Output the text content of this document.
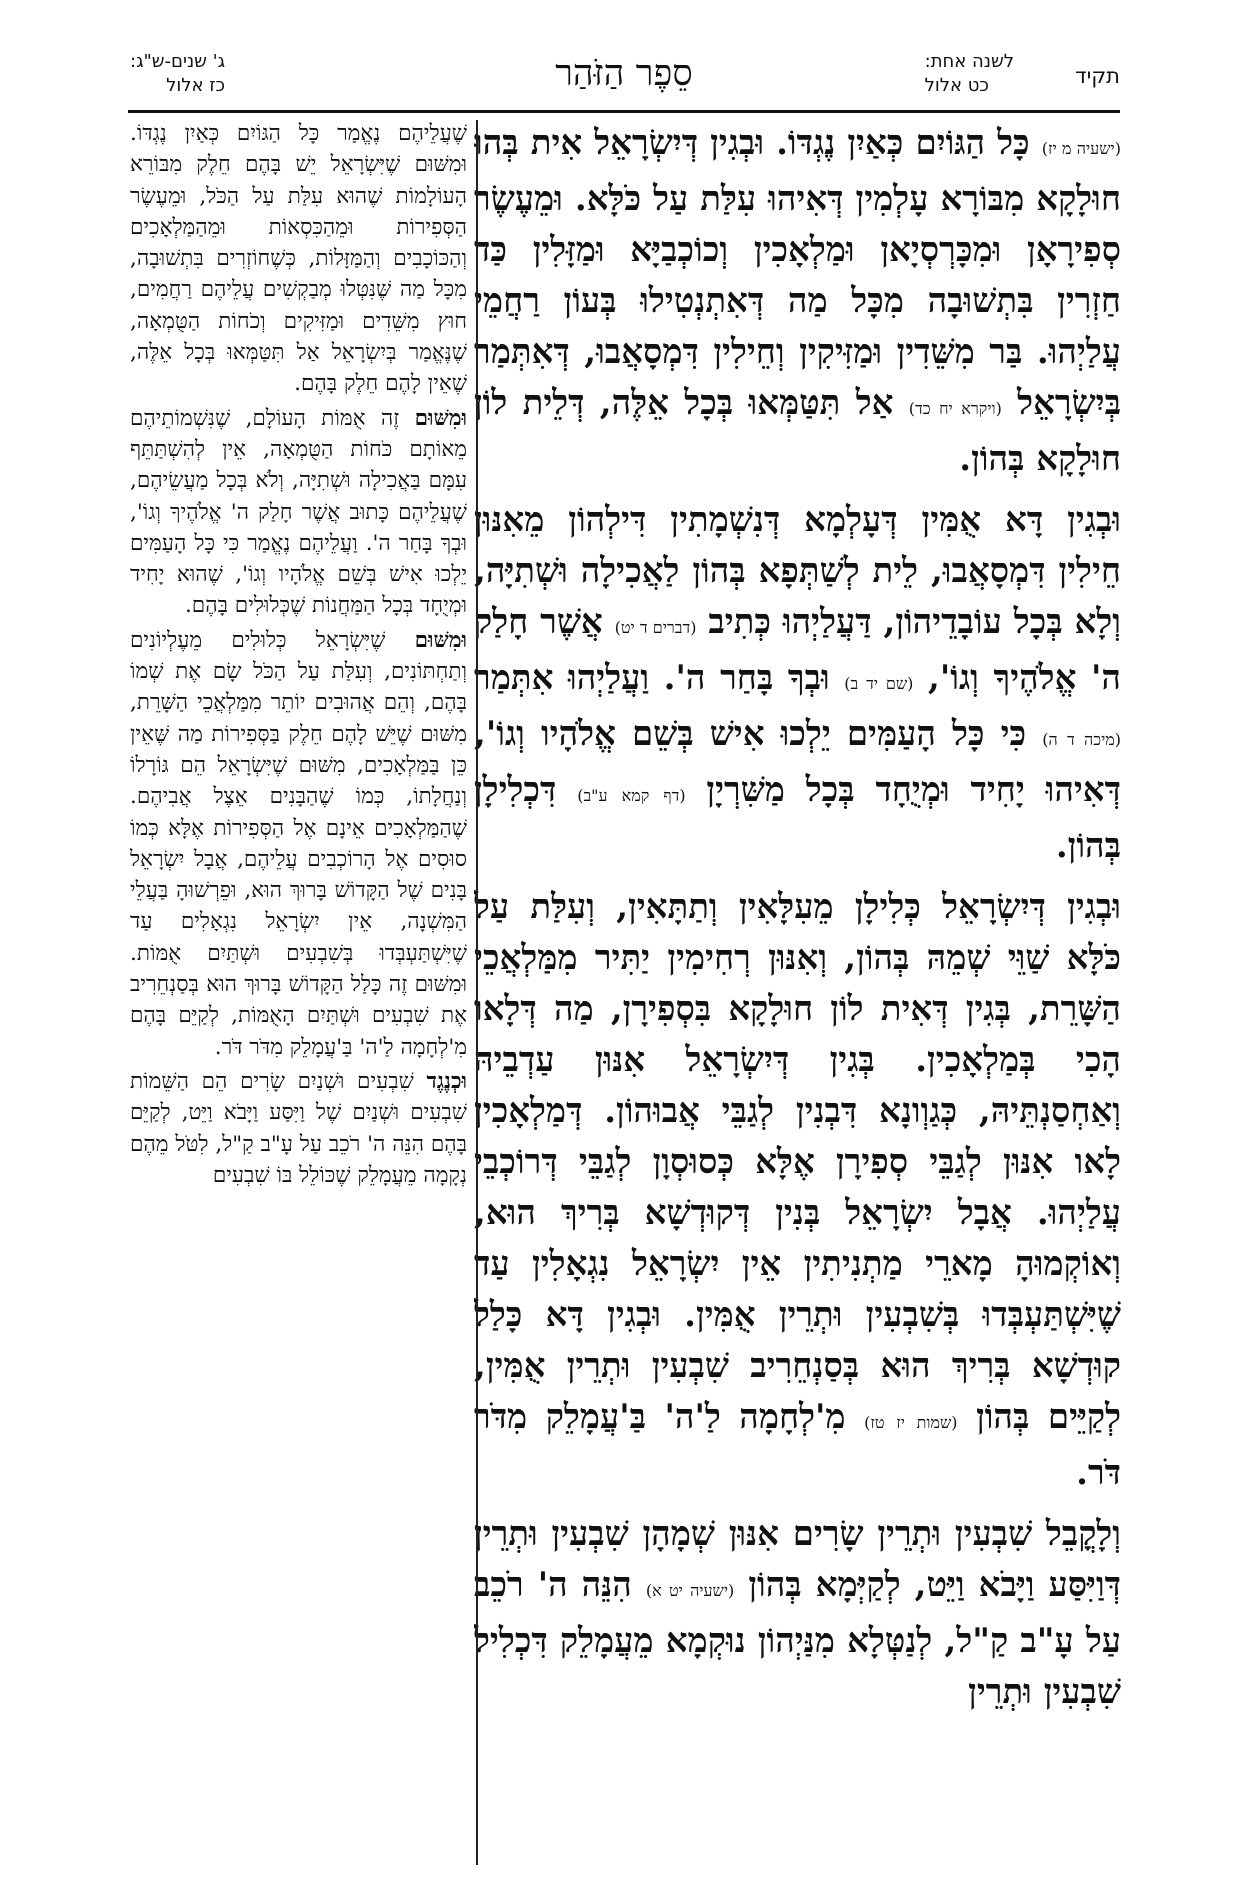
תקיד
לשנה אחת:
כט אלול
סֵפֶר הַזֹּהַר
ג' שנים-ש"ג:
כז אלול

(ישעיה מ יז) כָּל הַגּוֹיִם כְּאַיִן נֶגְדּוֹ. וּבְגִין דְּיִשְׂרָאֵל אִית בְּהוּ חוּלָקָא מִבּוֹרָא עָלְמִין דְּאִיהוּ עִלַּת עַל כֹּלָּא. וּמֵעֶשֶׂר סְפִירָאָן וּמִכָּרְסְיָאן וּמַלְאָכִין וְכוֹכְבַיָּא וּמַזָּלִין כַּד חַזְרִין בִּתְשׁוּבָה מִכָּל מַה דְּאִתְנְטִילוּ בְּעוֹן רַחֲמֵי עֲלַיְהוּ. בַּר מִשֵּׁדִין וּמַזִּיקִין וְחֵילִין דִּמְסָאֲבוּ, דְּאִתְּמַר בְּיִשְׂרָאֵל (ויקרא יח כד) אַל תִּטַּמְּאוּ בְּכָל אֵלֶּה, דְּלֵית לוֹן חוּלָקָא בְּהוֹן.

וּבְגִין דָּא אֻמִּין דְּעָלְמָא דְּנִשְׁמָתִין דִּילְהוֹן מֵאִנּוּן חֵילִין דִּמְסָאֲבוּ, לֵית לְשַׁתְּפָא בְּהוֹן לַאֲכִילָה וּשְׁתִיָּה, וְלָא בְּכָל עוֹבָדֵיהוֹן, דַּעֲלַיְהוּ כְּתִיב (דברים ד יט) אֲשֶׁר חָלַק ה' אֱלֹהֶיךָ וְגוֹ', (שם יד ב) וּבְךָ בָּחַר ה'. וַעֲלַיְהוּ אִתְּמַר (מיכה ד ה) כִּי כָּל הָעַמִּים יֵלְכוּ אִישׁ בְּשֵׁם אֱלֹהָיו וְגוֹ', דְּאִיהוּ יָחִיד וּמְיֻחָד בְּכָל מַשִּׁרְיָן (דף קמא ע"ב) דִּכְלִילָן בְּהוֹן.

וּבְגִין דְּיִשְׂרָאֵל כְּלִילָן מֵעִלָּאִין וְתַתָּאִין, וְעִלַּת עַל כֹּלָּא שַׁוֵּי שְׁמֵהּ בְּהוֹן, וְאִנּוּן רְחִימִין יַתִּיר מִמַּלְאֲכֵי הַשָּׁרֵת, בְּגִין דְּאִית לוֹן חוּלָקָא בִּסְפִירָן, מַה דְּלָאו הָכִי בְּמַלְאָכִין. בְּגִין דְּיִשְׂרָאֵל אִנּוּן עַדְבֵיהּ וְאַחְסַנְתֵּיהּ, כְּגַוְונָא דִּבְנִין לְגַבֵּי אֲבוּהוֹן. דְּמַלְאָכִין לָאו אִנּוּן לְגַבֵּי סְפִירָן אֶלָּא כְּסוּסְוָן לְגַבֵּי דְּרוֹכְבֵי עֲלַיְהוּ. אֲבָל יִשְׂרָאֵל בְּנִין דְּקוּדְשָׁא בְּרִיךְ הוּא, וְאוֹקְמוּהָ מָארֵי מַתְנִיתִין אֵין יִשְׂרָאֵל נִגְאָלִין עַד שֶׁיִּשְׁתַּעְבְּדוּ בְּשִׁבְעִין וּתְרֵין אֻמִּין. וּבְגִין דָּא כָּלַל קוּדְשָׁא בְּרִיךְ הוּא בְּסַנְחֵרִיב שִׁבְעִין וּתְרֵין אֻמִּין, לְקַיֵּים בְּהוֹן (שמות יז טז) מִ'לְחָמָה לַ'ה' בַּ'עֲמָלֵק מִדֹּר דֹּר.

וְלָקֳבֵל שִׁבְעִין וּתְרֵין שָׂרִים אִנּוּן שְׁמָהָן שִׁבְעִין וּתְרֵין דְּוַיִּסַּע וַיָּבֹא וַיֵּט, לְקַיְּמָא בְּהוֹן (ישעיה יט א) הִנֵּה ה' רֹכֵב עַל עָ"ב קַ"ל, לְנַטְּלָא מִנַּיְהוֹן נוּקְמָא מֵעֲמָלֵק דִּכְלִיל שִׁבְעִין וּתְרֵין

שֶׁעֲלֵיהֶם נֶאֱמַר כָּל הַגּוֹיִם כְּאַיִן נֶגְדּוֹ. וּמִשּׁוּם שֶׁיִּשְׂרָאֵל יֵשׁ בָּהֶם חֵלֶק מִבּוֹרֵא הָעוֹלָמוֹת שֶׁהוּא עִלַּת עַל הַכֹּל, וּמֵעֶשֶׂר הַסְּפִירוֹת וּמֵהַכִּסְאוֹת וּמֵהַמַּלְאָכִים וְהַכּוֹכָבִים וְהַמַּזָּלוֹת, כְּשֶׁחוֹזְרִים בִּתְשׁוּבָה, מִכָּל מַה שֶּׁנִּטְּלוּ מְבַקְשִׁים עֲלֵיהֶם רַחֲמִים, חוּץ מִשֵּׁדִים וּמַזִּיקִים וְכֹחוֹת הַטֻּמְאָה, שֶׁנֶּאֱמַר בְּיִשְׂרָאֵל אַל תִּטַּמְּאוּ בְּכָל אֵלֶּה, שֶׁאֵין לָהֶם חֵלֶק בָּהֶם.

וּמִשּׁוּם זֶה אֻמּוֹת הָעוֹלָם, שֶׁנִּשְׁמוֹתֵיהֶם מֵאוֹתָם כֹּחוֹת הַטֻּמְאָה, אֵין לְהִשְׁתַּתֵּף עִמָּם בַּאֲכִילָה וּשְׁתִיָּה, וְלֹא בְּכָל מַעֲשֵׂיהֶם, שֶׁעֲלֵיהֶם כָּתוּב אֲשֶׁר חָלַק ה' אֱלֹהֶיךָ וְגוֹ', וּבְךָ בָּחַר ה'. וַעֲלֵיהֶם נֶאֱמַר כִּי כָּל הָעַמִּים יֵלְכוּ אִישׁ בְּשֵׁם אֱלֹהָיו וְגוֹ', שֶׁהוּא יָחִיד וּמְיֻחָד בְּכָל הַמַּחֲנוֹת שֶׁכְּלוּלִים בָּהֶם.

וּמִשּׁוּם שֶׁיִּשְׂרָאֵל כְּלוּלִים מֵעֶלְיוֹנִים וְתַחְתּוֹנִים, וְעִלַּת עַל הַכֹּל שָׂם אֶת שְׁמוֹ בָּהֶם, וְהֵם אֲהוּבִים יוֹתֵר מִמַּלְאֲכֵי הַשָּׁרֵת, מִשּׁוּם שֶׁיֵּשׁ לָהֶם חֵלֶק בַּסְּפִירוֹת מַה שֶּׁאֵין כֵּן בַּמַּלְאָכִים, מִשּׁוּם שֶׁיִּשְׂרָאֵל הֵם גּוֹרָלוֹ וְנַחֲלָתוֹ, כְּמוֹ שֶׁהַבָּנִים אֵצֶל אֲבִיהֶם. שֶׁהַמַּלְאָכִים אֵינָם אֶל הַסְּפִירוֹת אֶלָּא כְּמוֹ סוּסִים אֶל הָרוֹכְבִים עֲלֵיהֶם, אֲבָל יִשְׂרָאֵל בָּנִים שֶׁל הַקָּדוֹשׁ בָּרוּךְ הוּא, וּפֵרְשׁוּהָ בַּעֲלֵי הַמִּשְׁנָה, אֵין יִשְׂרָאֵל נִגְאָלִים עַד שֶׁיִּשְׁתַּעְבְּדוּ בְּשִׁבְעִים וּשְׁתַּיִם אֻמּוֹת. וּמִשּׁוּם זֶה כָּלַל הַקָּדוֹשׁ בָּרוּךְ הוּא בְּסַנְחֵרִיב אֶת שִׁבְעִים וּשְׁתַּיִם הָאֻמּוֹת, לְקַיֵּם בָּהֶם מִ'לְחָמָה לַ'ה' בַּ'עֲמָלֵק מִדֹּר דֹּר.

וּכְנֶגֶד שִׁבְעִים וּשְׁנַיִם שָׂרִים הֵם הַשֵּׁמוֹת שִׁבְעִים וּשְׁנַיִם שֶׁל וַיִּסַּע וַיָּבֹא וַיֵּט, לְקַיֵּם בָּהֶם הִנֵּה ה' רֹכֵב עַל עָ"ב קַ"ל, לִטֹּל מֵהֶם נְקָמָה מֵעֲמָלֵק שֶׁכּוֹלֵל בּוֹ שִׁבְעִים
